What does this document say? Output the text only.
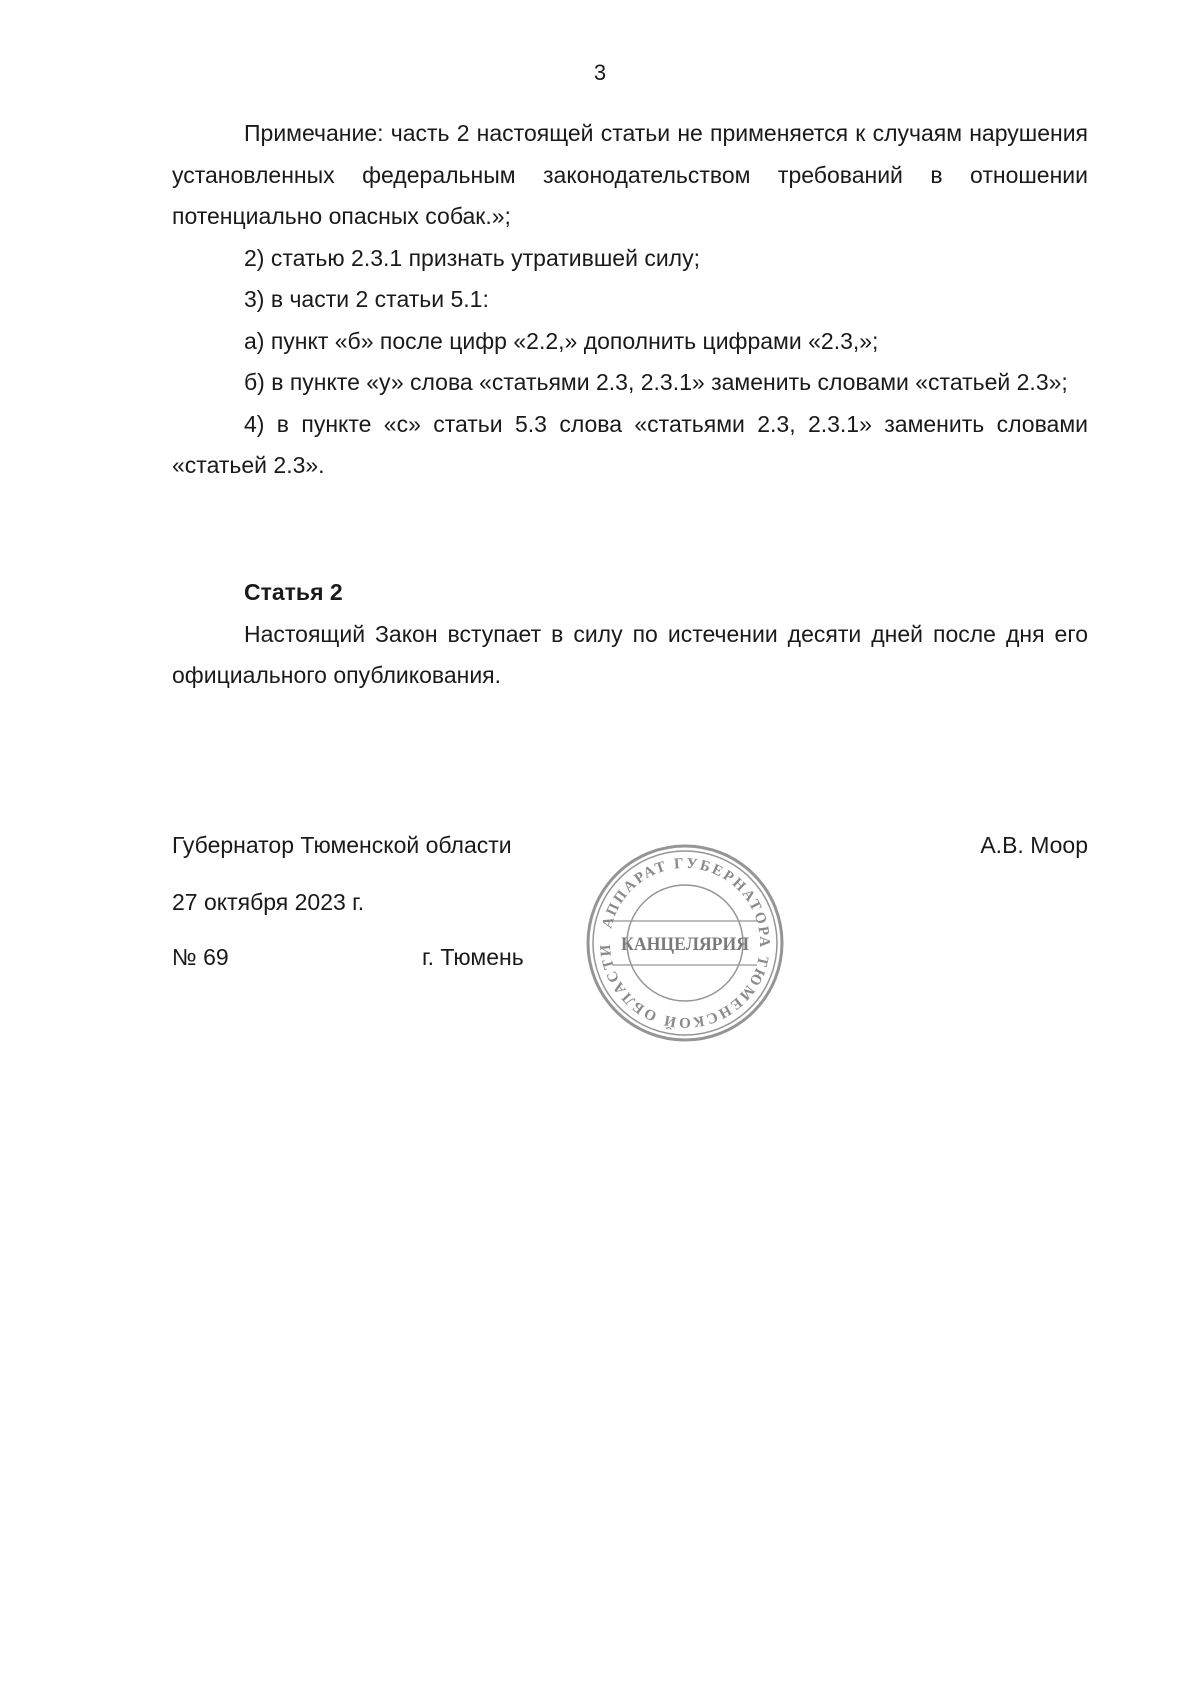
3

Примечание: часть 2 настоящей статьи не применяется к случаям нарушения установленных федеральным законодательством требований в отношении потенциально опасных собак.»;

2) статью 2.3.1 признать утратившей силу;

3) в части 2 статьи 5.1:

а) пункт «б» после цифр «2.2,» дополнить цифрами «2.3,»;

б) в пункте «у» слова «статьями 2.3, 2.3.1» заменить словами «статьей 2.3»;

4) в пункте «с» статьи 5.3 слова «статьями 2.3, 2.3.1» заменить словами «статьей 2.3».

Статья 2

Настоящий Закон вступает в силу по истечении десяти дней после дня его официального опубликования.

Губернатор Тюменской области	А.В. Моор
27 октября 2023 г.
№ 69	г. Тюмень
АППАРАТ ГУБЕРНАТОРА ТЮМЕНСКОЙ ОБЛАСТИ КАНЦЕЛЯРИЯ
